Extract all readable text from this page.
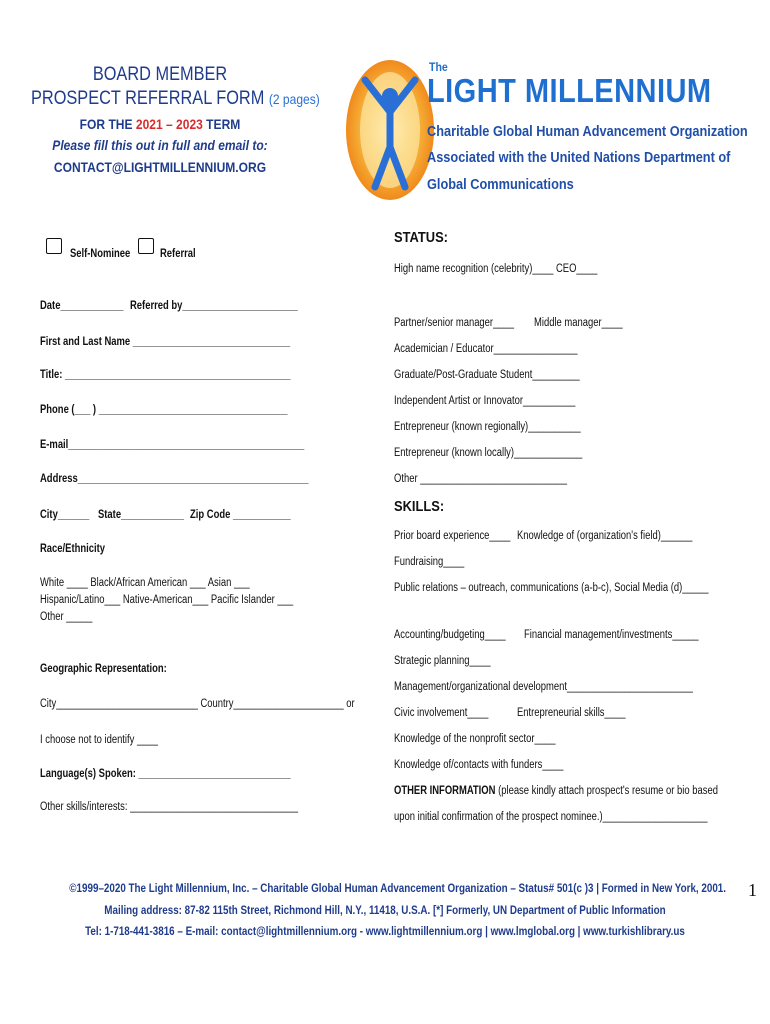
BOARD MEMBER
PROSPECT REFERRAL FORM (2 pages)
FOR THE 2021 – 2023 TERM
Please fill this out in full and email to:
CONTACT@LIGHTMILLENNIUM.ORG
The
LIGHT MILLENNIUM
Charitable Global Human Advancement Organization
Associated with the United Nations Department of
Global Communications
Self-Nominee	Referral
Date____________ Referred by______________________
First and Last Name ______________________________
Title: ___________________________________________
Phone (___ ) ____________________________________
E-mail_____________________________________________
Address____________________________________________
City______ State____________ Zip Code ___________
Race/Ethnicity
White ____ Black/African American ___ Asian ___
Hispanic/Latino___ Native-American___ Pacific Islander ___
Other _____
Geographic Representation:
City___________________________ Country_____________________ or
I choose not to identify ____
Language(s) Spoken: _____________________________
Other skills/interests: ________________________________
STATUS:
High name recognition (celebrity)____ CEO____
Partner/senior manager____ Middle manager____
Academician / Educator________________
Graduate/Post-Graduate Student_________
Independent Artist or Innovator__________
Entrepreneur (known regionally)__________
Entrepreneur (known locally)_____________
Other ____________________________
SKILLS:
Prior board experience____ Knowledge of (organization's field)______
Fundraising____
Public relations – outreach, communications (a-b-c), Social Media (d)_____
Accounting/budgeting____ Financial management/investments_____
Strategic planning____
Management/organizational development________________________
Civic involvement____ Entrepreneurial skills____
Knowledge of the nonprofit sector____
Knowledge of/contacts with funders____
OTHER INFORMATION (please kindly attach prospect's resume or bio based
upon initial confirmation of the prospect nominee.)____________________
©1999–2020 The Light Millennium, Inc. – Charitable Global Human Advancement Organization – Status# 501(c )3 | Formed in New York, 2001.
Mailing address: 87-82 115th Street, Richmond Hill, N.Y., 11418, U.S.A. [*] Formerly, UN Department of Public Information
Tel: 1-718-441-3816 – E-mail: contact@lightmillennium.org - www.lightmillennium.org | www.lmglobal.org | www.turkishlibrary.us
1
